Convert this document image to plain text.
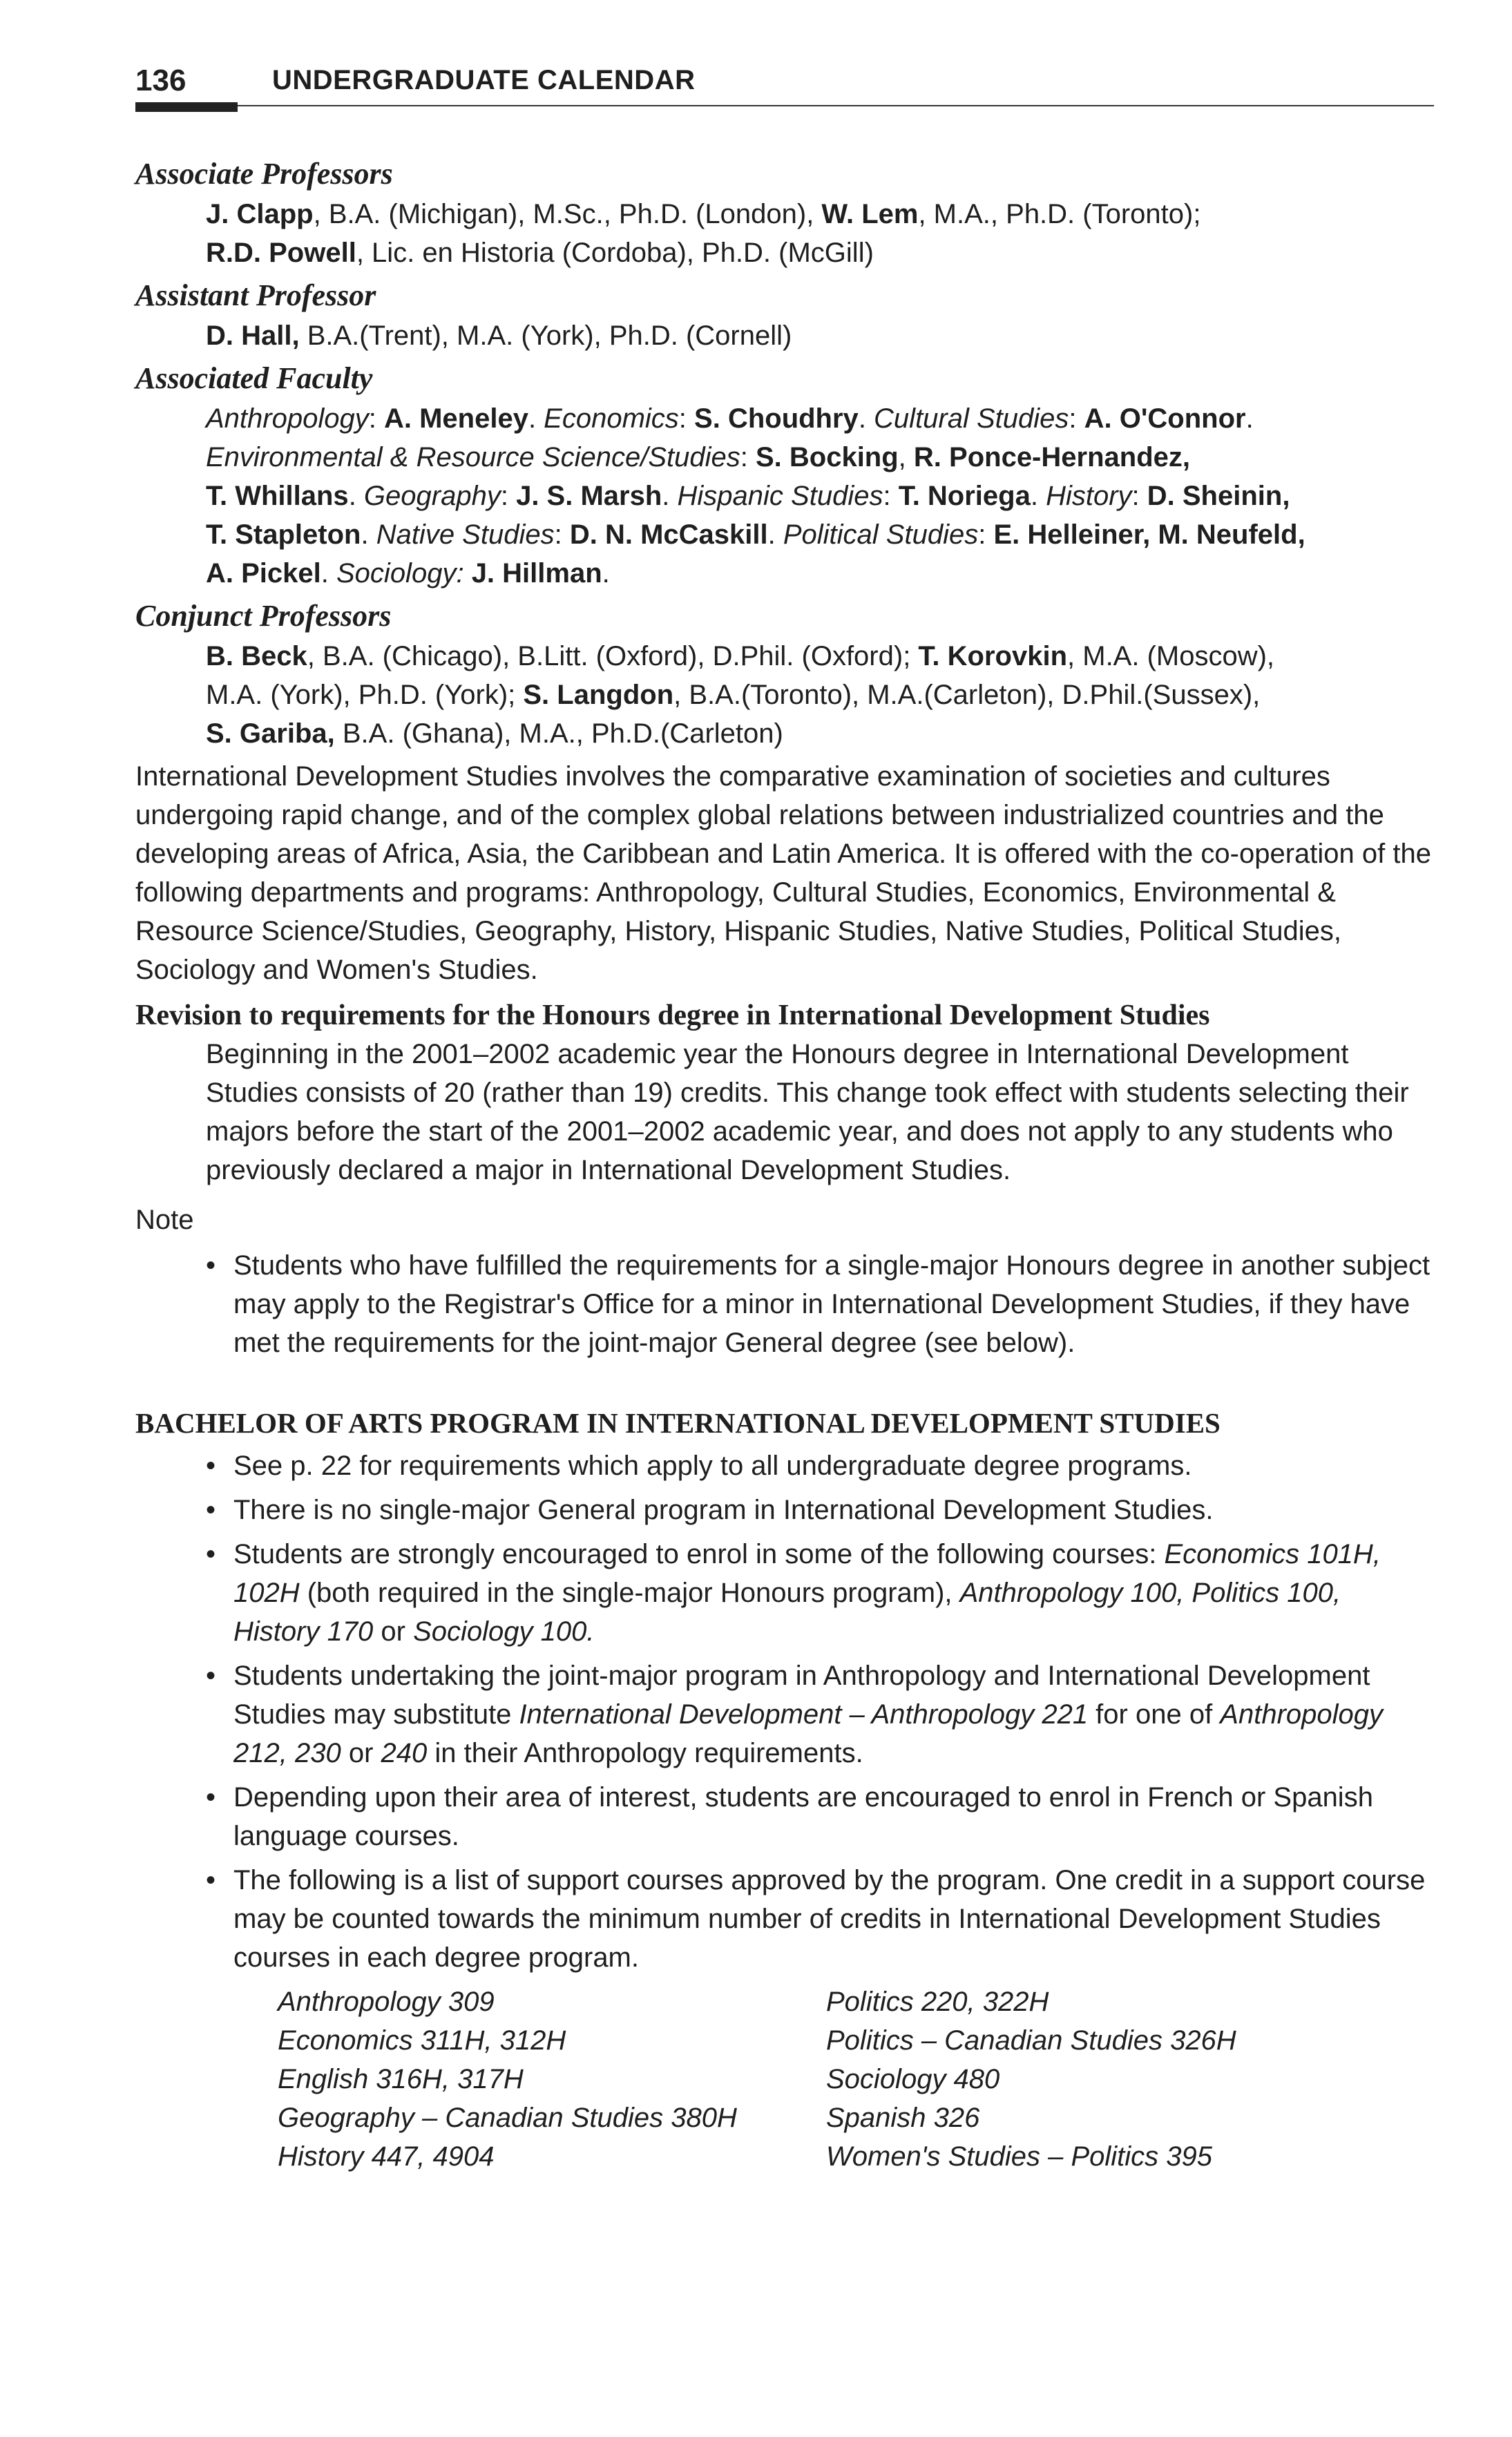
136	UNDERGRADUATE CALENDAR

Associate Professors

J. Clapp, B.A. (Michigan), M.Sc., Ph.D. (London), W. Lem, M.A., Ph.D. (Toronto);

R.D. Powell, Lic. en Historia (Cordoba), Ph.D. (McGill)

Assistant Professor

D. Hall, B.A.(Trent), M.A. (York), Ph.D. (Cornell)

Associated Faculty

Anthropology: A. Meneley. Economics: S. Choudhry. Cultural Studies: A. O'Connor.

Environmental & Resource Science/Studies: S. Bocking, R. Ponce-Hernandez,

T. Whillans. Geography: J. S. Marsh. Hispanic Studies: T. Noriega. History: D. Sheinin,

T. Stapleton. Native Studies: D. N. McCaskill. Political Studies: E. Helleiner, M. Neufeld,

A. Pickel. Sociology: J. Hillman.

Conjunct Professors

B. Beck, B.A. (Chicago), B.Litt. (Oxford), D.Phil. (Oxford); T. Korovkin, M.A. (Moscow),

M.A. (York), Ph.D. (York); S. Langdon, B.A.(Toronto), M.A.(Carleton), D.Phil.(Sussex),

S. Gariba, B.A. (Ghana), M.A., Ph.D.(Carleton)

International Development Studies involves the comparative examination of societies and cultures undergoing rapid change, and of the complex global relations between industrialized countries and the developing areas of Africa, Asia, the Caribbean and Latin America. It is offered with the co-operation of the following departments and programs: Anthropology, Cultural Studies, Economics, Environmental & Resource Science/Studies, Geography, History, Hispanic Studies, Native Studies, Political Studies, Sociology and Women's Studies.

Revision to requirements for the Honours degree in International Development Studies

Beginning in the 2001–2002 academic year the Honours degree in International Development Studies consists of 20 (rather than 19) credits. This change took effect with students selecting their majors before the start of the 2001–2002 academic year, and does not apply to any students who previously declared a major in International Development Studies.

Note

• Students who have fulfilled the requirements for a single-major Honours degree in another subject may apply to the Registrar's Office for a minor in International Development Studies, if they have met the requirements for the joint-major General degree (see below).

BACHELOR OF ARTS PROGRAM IN INTERNATIONAL DEVELOPMENT STUDIES

• See p. 22 for requirements which apply to all undergraduate degree programs.
• There is no single-major General program in International Development Studies.
• Students are strongly encouraged to enrol in some of the following courses: Economics 101H, 102H (both required in the single-major Honours program), Anthropology 100, Politics 100, History 170 or Sociology 100.
• Students undertaking the joint-major program in Anthropology and International Development Studies may substitute International Development – Anthropology 221 for one of Anthropology 212, 230 or 240 in their Anthropology requirements.
• Depending upon their area of interest, students are encouraged to enrol in French or Spanish language courses.
• The following is a list of support courses approved by the program. One credit in a support course may be counted towards the minimum number of credits in International Development Studies courses in each degree program.
Anthropology 309	Politics 220, 322H
Economics 311H, 312H	Politics – Canadian Studies 326H
English 316H, 317H	Sociology 480
Geography – Canadian Studies 380H	Spanish 326
History 447, 4904	Women's Studies – Politics 395
